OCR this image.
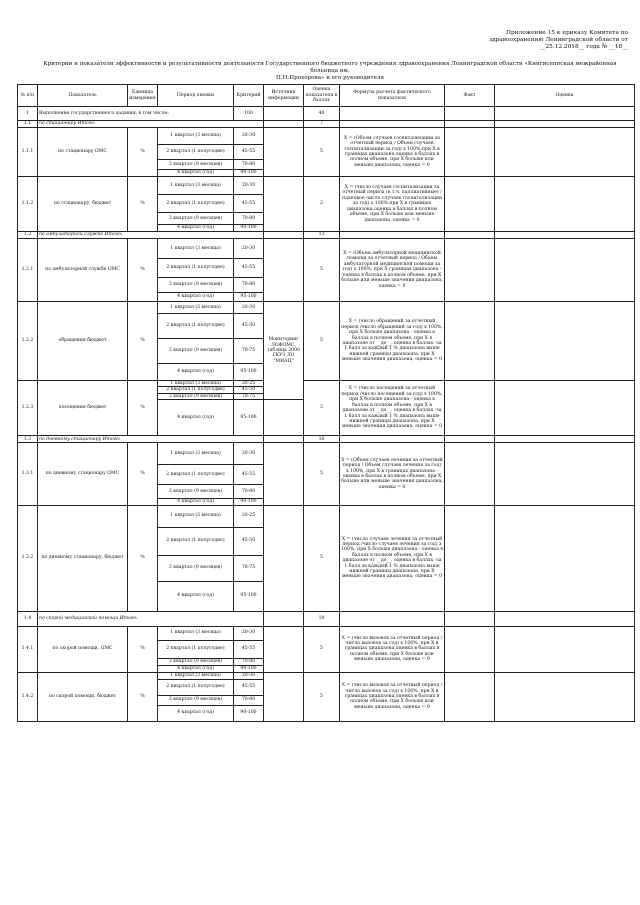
Приложение 15 к приказу Комитета по
здравоохранению Ленинградской области от
__25.12.2018__ года № __18__
Критерии и показатели эффективности и результативности деятельности Государственного бюджетного учреждения здравоохранения Ленинградской области «Кингисеппская межрайонная больница им.
П.Н.Прохорова» и его руководителя
№ п/п	Показатель	Единица измерения	Период оценки	Критерий	Источник информации	Оценка показателя в баллах	Формула расчета фактического показателя	Факт	Оценка
1	Выполнение государственного задания, в том числе:			100		40			
1.1	по стационару Итого:					7			
1.1.1	по стационару ОМС	%	1 квартал (3 месяца)	20-30		5	Х = (Объем случаев госпитализации за отчетный период / Объем случаев госпитализации за год) х 100%,при Х в границах диапазона,оценка в баллах в полном объеме, при Х больше или меньше диапазона, оценка = 0		
			2 квартал (1 полугодие)	45-55					
			3 квартал (9 месяцев)	70-80					
			4 квартал (год)	90-100					
1.1.2	по стационару, бюджет	%	1 квартал (3 месяца)	20-30		2	Х = (число случаев госпитализации за отчетный период (в т.ч. паллиативные) / плановое число случаев госпитализации за год) х 100%,при Х в границах диапазона,оценка в баллах в полном объеме, при Х больше или меньше диапазона, оценка = 0		
			2 квартал (1 полугодие)	45-55					
			3 квартал (9 месяцев)	70-80					
			4 квартал (год)	90-100					
1.2	по амбулаторной службе Итого:					13			
1.2.1	по амбулаторной службе ОМС	%	1 квартал (3 месяца)	20-30		5	Х = (Объем амбулаторной медицинской помощи за отчетный период / Объем амбулаторной медицинской помощи за год) х 100%, при Х границах диапазона - оценка в баллах в полном объеме, при Х больше или меньше значения диапазона, оценка = 0		
			2 квартал (1 полугодие)	45-55					
			3 квартал (9 месяцев)	70-80					
			4 квартал (год)	95-100					
1.2.2	обращения бюджет	%	1 квартал (3 месяца)	20-30	Мониторинг ЛОФОМС, таблица 2000 ГКУЗ ЛО "МИАЦ"	5	Х = (число обращений за отчетный период /число обращений за год) х 100%, при Х больше диапазона - оценка в баллах в полном объеме, при Х в диапазоне от __до__, оценка в баллах -за 1 балл за каждый 1 % диапазона выше нижней границы диапазона, при Х меньше значения диапазона, оценка = 0		
			2 квартал (1 полугодие)	45-50					
			3 квартал (9 месяцев)	70-75					
			4 квартал (год)	95-100					
1.2.3	посещения бюджет	%	1 квартал (3 месяца)	20-25		3	Х = (число посещений за отчетный период /число посещений за год) х 100%, при Х больше диапазона - оценка в баллах в полном объеме, при Х в диапазоне от __до__, оценка в баллах -за 1 балл за каждый 1 % диапазона выше нижней границы диапазона, при Х меньше значения диапазона, оценка = 0		
			2 квартал (1 полугодие)	45-50					
			3 квартал (9 месяцев)	70-75					
			4 квартал (год)	95-100					
1.3	по дневному стационару Итого:					10			
1.3.1	по дневному стационару ОМС	%	1 квартал (3 месяца)	20-30		5	Х = (Объем случаев лечения за отчетный период / Объем случаев лечения за год) х 100%, при Х в границах диапазона - оценка в баллах в полном объеме, при Х больше или меньше значения диапазона, оценка = 0		
			2 квартал (1 полугодие)	45-55					
			3 квартал (9 месяцев)	70-80					
			4 квартал (год)	90-100					
1.3.2	по дневному стационару, бюджет	%	1 квартал (3 месяца)	20-25		5	Х = (число случаев лечения за отчетный период /число случаев лечения за год) х 100%, при Х больше диапазона - оценка в баллах в полном объеме, при Х в диапазоне от __до__, оценка в баллах -за 1 балл за каждый 1 % диапазона выше нижней границы диапазона, при Х меньше значения диапазона, оценка = 0		
			2 квартал (1 полугодие)	45-50					
			3 квартал (9 месяцев)	70-75					
			4 квартал (год)	95-100					
1.4	по скорой медицинской помощи Итого:					10			
1.4.1	по скорой помощи, ОМС	%	1 квартал (3 месяца)	20-30		5	Х = (число вызовов за отчетный период /число вызовов за год) х 100%, при Х в границах диапазона,оценка в баллах в полном объеме, при Х больше или меньше диапазона, оценка = 0		
			2 квартал (1 полугодие)	45-55					
			3 квартал (9 месяцев)	70-80					
			4 квартал (год)	90-100					
1.4.2	по скорой помощи, бюджет	%	1 квартал (3 месяца)	20-30		5	Х = (число вызовов за отчетный период /число вызовов за год) х 100%, при Х в границах диапазона,оценка в баллах в полном объеме, при Х больше или меньше диапазона, оценка = 0		
			2 квартал (1 полугодие)	45-55					
			3 квартал (9 месяцев)	70-80					
			4 квартал (год)	90-100					
